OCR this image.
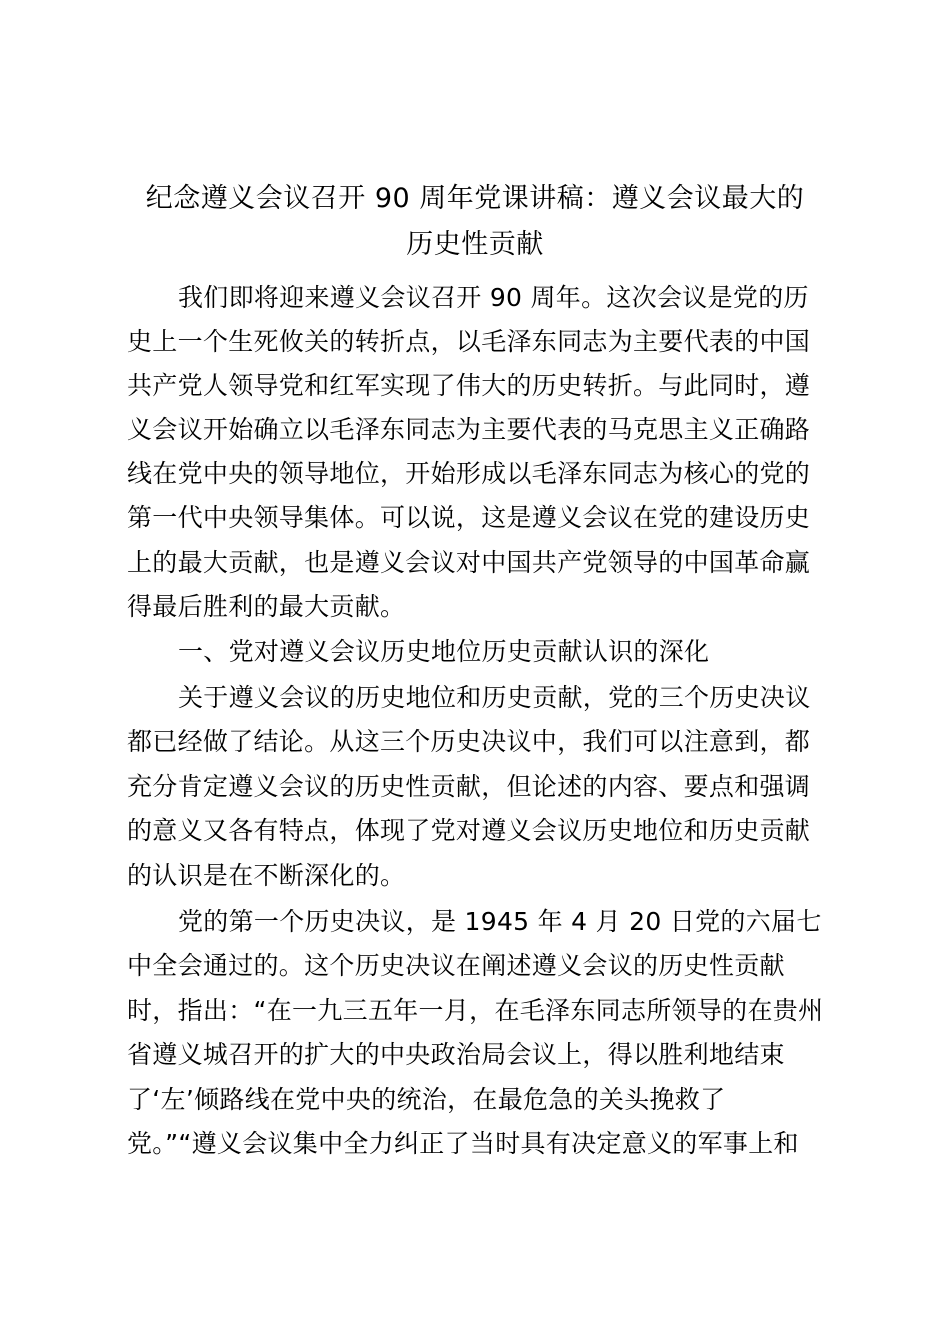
纪念遵义会议召开 90 周年党课讲稿：遵义会议最大的
历史性贡献
我们即将迎来遵义会议召开 90 周年。这次会议是党的历
史上一个生死攸关的转折点，以毛泽东同志为主要代表的中国
共产党人领导党和红军实现了伟大的历史转折。与此同时，遵
义会议开始确立以毛泽东同志为主要代表的马克思主义正确路
线在党中央的领导地位，开始形成以毛泽东同志为核心的党的
第一代中央领导集体。可以说，这是遵义会议在党的建设历史
上的最大贡献，也是遵义会议对中国共产党领导的中国革命赢
得最后胜利的最大贡献。
一、党对遵义会议历史地位历史贡献认识的深化
关于遵义会议的历史地位和历史贡献，党的三个历史决议
都已经做了结论。从这三个历史决议中，我们可以注意到，都
充分肯定遵义会议的历史性贡献，但论述的内容、要点和强调
的意义又各有特点，体现了党对遵义会议历史地位和历史贡献
的认识是在不断深化的。
党的第一个历史决议，是 1945 年 4 月 20 日党的六届七
中全会通过的。这个历史决议在阐述遵义会议的历史性贡献
时，指出：“在一九三五年一月，在毛泽东同志所领导的在贵州
省遵义城召开的扩大的中央政治局会议上，得以胜利地结束
了‘左’倾路线在党中央的统治，在最危急的关头挽救了
党。”“遵义会议集中全力纠正了当时具有决定意义的军事上和
